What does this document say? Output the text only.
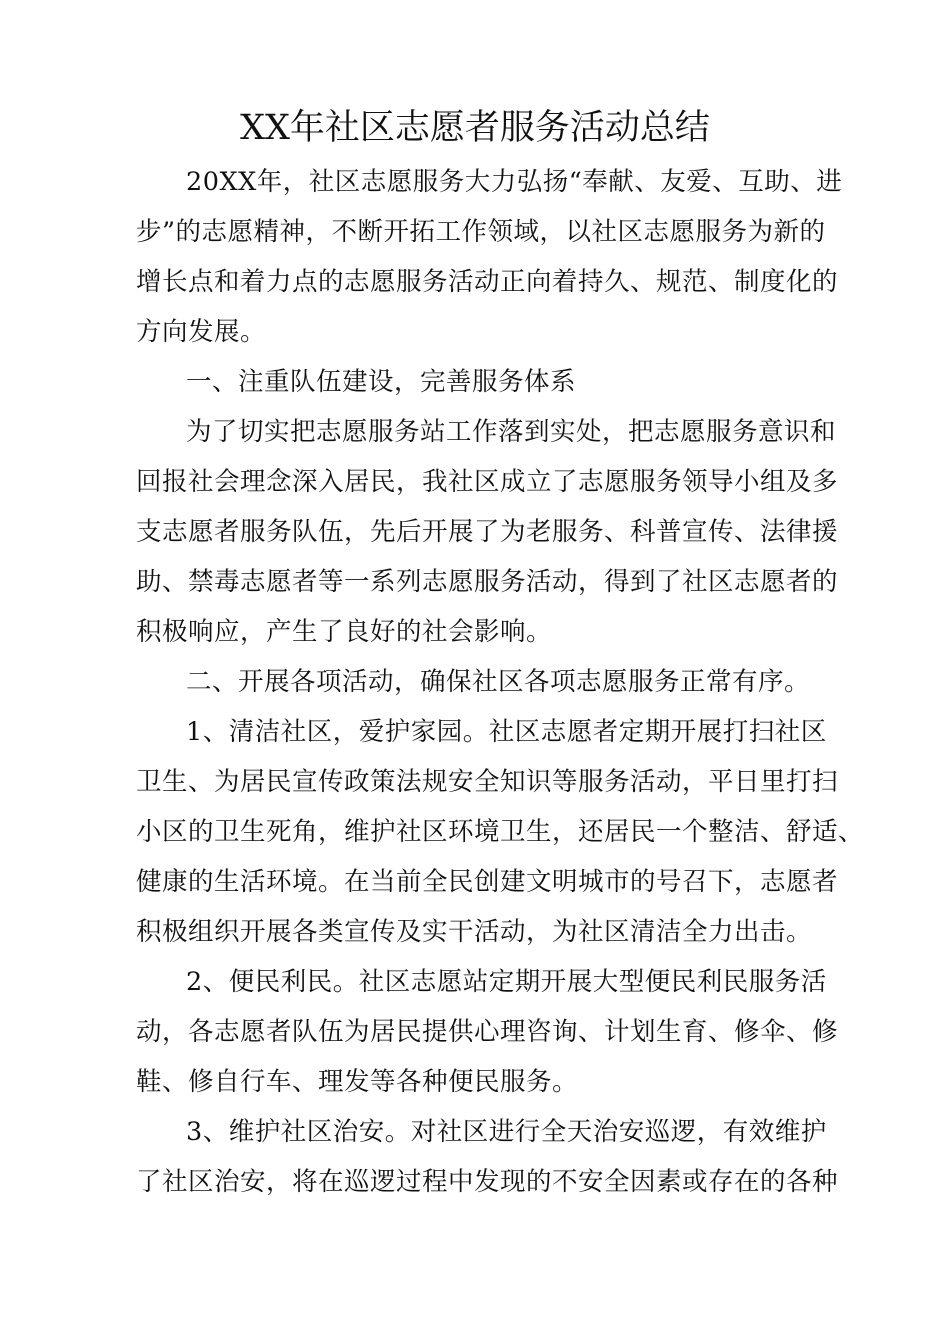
XX年社区志愿者服务活动总结
20XX年，社区志愿服务大力弘扬“奉献、友爱、互助、进
步”的志愿精神，不断开拓工作领域，以社区志愿服务为新的
增长点和着力点的志愿服务活动正向着持久、规范、制度化的
方向发展。
一、注重队伍建设，完善服务体系
为了切实把志愿服务站工作落到实处，把志愿服务意识和
回报社会理念深入居民，我社区成立了志愿服务领导小组及多
支志愿者服务队伍，先后开展了为老服务、科普宣传、法律援
助、禁毒志愿者等一系列志愿服务活动，得到了社区志愿者的
积极响应，产生了良好的社会影响。
二、开展各项活动，确保社区各项志愿服务正常有序。
1、清洁社区，爱护家园。社区志愿者定期开展打扫社区
卫生、为居民宣传政策法规安全知识等服务活动，平日里打扫
小区的卫生死角，维护社区环境卫生，还居民一个整洁、舒适、
健康的生活环境。在当前全民创建文明城市的号召下，志愿者
积极组织开展各类宣传及实干活动，为社区清洁全力出击。
2、便民利民。社区志愿站定期开展大型便民利民服务活
动，各志愿者队伍为居民提供心理咨询、计划生育、修伞、修
鞋、修自行车、理发等各种便民服务。
3、维护社区治安。对社区进行全天治安巡逻，有效维护
了社区治安，将在巡逻过程中发现的不安全因素或存在的各种
